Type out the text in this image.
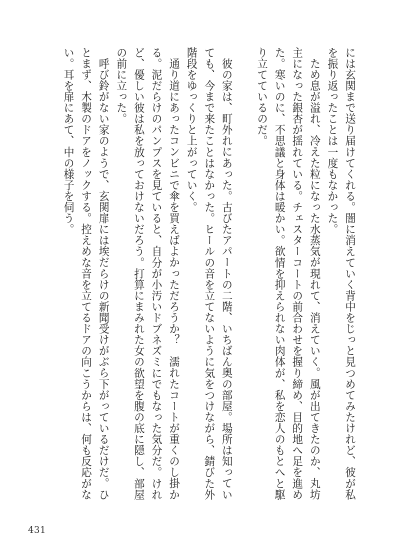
には玄関まで送り届けてくれる。闇に消えていく背中をじっと見つめてみたけれど、彼が私を振り返ったことは一度もなかった。

ため息が溢れ、冷えた粒になった水蒸気が現れて、消えていく。風が出てきたのか、丸坊主になった銀杏が揺れている。チェスターコートの前合わせを握り締め、目的地へ足を進めた。寒いのに、不思議と身体は暖かい。欲情を抑えられない肉体が、私を恋人のもとへと駆り立てているのだ。

彼の家は、町外れにあった。古びたアパートの二階、いちばん奥の部屋。場所は知っていても、今まで来たことはなかった。ヒールの音を立てないように気をつけながら、錆びた外階段をゆっくりと上がっていく。

通り道にあったコンビニで傘を買えばよかっただろうか？　濡れたコートが重くのし掛かる。泥だらけのパンプスを見ていると、自分が小汚いドブネズミにでもなった気分だ。けれど、優しい彼は私を放っておけないだろう。打算にまみれた女の欲望を腹の底に隠し、部屋の前に立った。

呼び鈴がない家のようで、玄関扉には埃だらけの新聞受けがぶら下がっているだけだ。ひとまず、木製のドアをノックする。控えめな音を立てるドアの向こうからは、何も反応がない。耳を扉にあて、中の様子を伺う。

431
